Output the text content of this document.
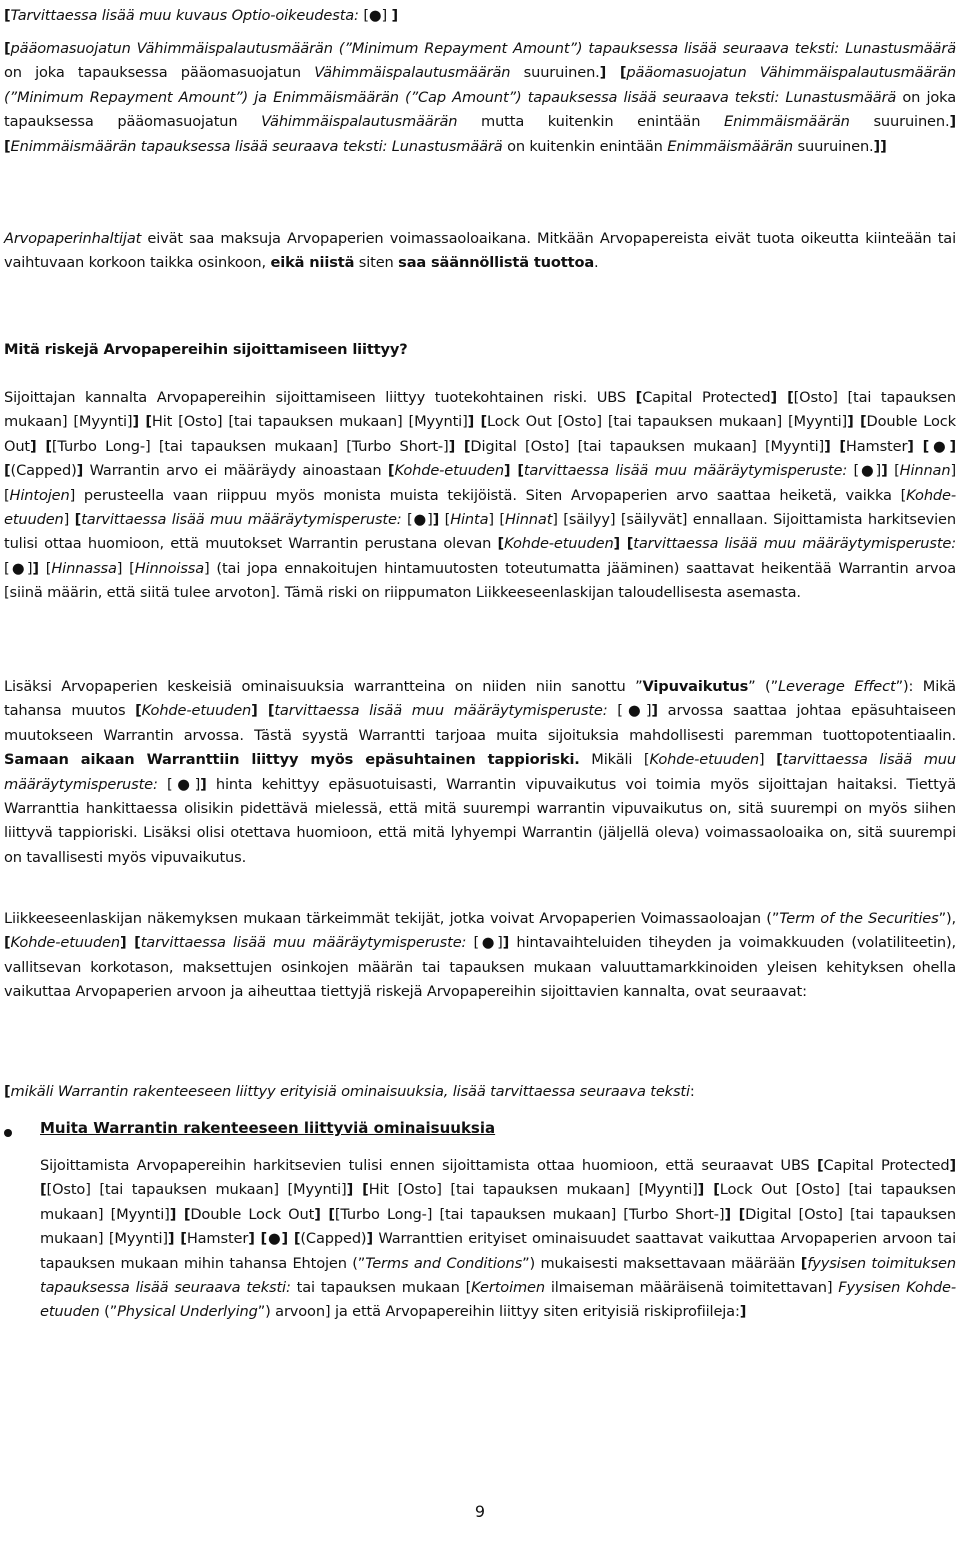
[Tarvittaessa lisää muu kuvaus Optio-oikeudesta: [●] ]

[pääomasuojatun Vähimmäispalautusmäärän (”Minimum Repayment Amount”) tapauksessa lisää seuraava teksti: Lunastusmäärä on joka tapauksessa pääomasuojatun Vähimmäispalautusmäärän suuruinen.] [pääomasuojatun Vähimmäispalautusmäärän (”Minimum Repayment Amount”) ja Enimmäismäärän (”Cap Amount”) tapauksessa lisää seuraava teksti: Lunastusmäärä on joka tapauksessa pääomasuojatun Vähimmäispalautusmäärän mutta kuitenkin enintään Enimmäismäärän suuruinen.] [Enimmäismäärän tapauksessa lisää seuraava teksti: Lunastusmäärä on kuitenkin enintään Enimmäismäärän suuruinen.]]

Arvopaperinhaltijat eivät saa maksuja Arvopaperien voimassaoloaikana. Mitkään Arvopapereista eivät tuota oikeutta kiinteään tai vaihtuvaan korkoon taikka osinkoon, eikä niistä siten saa säännöllistä tuottoa.

Mitä riskejä Arvopapereihin sijoittamiseen liittyy?

Sijoittajan kannalta Arvopapereihin sijoittamiseen liittyy tuotekohtainen riski. UBS [Capital Protected] [[Osto] [tai tapauksen mukaan] [Myynti]] [Hit [Osto] [tai tapauksen mukaan] [Myynti]] [Lock Out [Osto] [tai tapauksen mukaan] [Myynti]] [Double Lock Out] [[Turbo Long-] [tai tapauksen mukaan] [Turbo Short-]] [Digital [Osto] [tai tapauksen mukaan] [Myynti]] [Hamster] [●] [(Capped)] Warrantin arvo ei määräydy ainoastaan [Kohde-etuuden] [tarvittaessa lisää muu määräytymisperuste: [●]] [Hinnan] [Hintojen] perusteella vaan riippuu myös monista muista tekijöistä. Siten Arvopaperien arvo saattaa heiketä, vaikka [Kohde-etuuden] [tarvittaessa lisää muu määräytymisperuste: [●]] [Hinta] [Hinnat] [säilyy] [säilyvät] ennallaan. Sijoittamista harkitsevien tulisi ottaa huomioon, että muutokset Warrantin perustana olevan [Kohde-etuuden] [tarvittaessa lisää muu määräytymisperuste: [●]] [Hinnassa] [Hinnoissa] (tai jopa ennakoitujen hintamuutosten toteutumatta jääminen) saattavat heikentää Warrantin arvoa [siinä määrin, että siitä tulee arvoton]. Tämä riski on riippumaton Liikkeeseenlaskijan taloudellisesta asemasta.

Lisäksi Arvopaperien keskeisiä ominaisuuksia warrantteina on niiden niin sanottu ”Vipuvaikutus” (”Leverage Effect”): Mikä tahansa muutos [Kohde-etuuden] [tarvittaessa lisää muu määräytymisperuste: [●]] arvossa saattaa johtaa epäsuhtaiseen muutokseen Warrantin arvossa. Tästä syystä Warrantti tarjoaa muita sijoituksia mahdollisesti paremman tuottopotentiaalin. Samaan aikaan Warranttiin liittyy myös epäsuhtainen tappioriski. Mikäli [Kohde-etuuden] [tarvittaessa lisää muu määräytymisperuste: [●]] hinta kehittyy epäsuotuisasti, Warrantin vipuvaikutus voi toimia myös sijoittajan haitaksi. Tiettyä Warranttia hankittaessa olisikin pidettävä mielessä, että mitä suurempi warrantin vipuvaikutus on, sitä suurempi on myös siihen liittyvä tappioriski. Lisäksi olisi otettava huomioon, että mitä lyhyempi Warrantin (jäljellä oleva) voimassaoloaika on, sitä suurempi on tavallisesti myös vipuvaikutus.

Liikkeeseenlaskijan näkemyksen mukaan tärkeimmät tekijät, jotka voivat Arvopaperien Voimassaoloajan (”Term of the Securities”), [Kohde-etuuden] [tarvittaessa lisää muu määräytymisperuste: [●]] hintavaihteluiden tiheyden ja voimakkuuden (volatiliteetin), vallitsevan korkotason, maksettujen osinkojen määrän tai tapauksen mukaan valuuttamarkkinoiden yleisen kehityksen ohella vaikuttaa Arvopaperien arvoon ja aiheuttaa tiettyjä riskejä Arvopapereihin sijoittavien kannalta, ovat seuraavat:

[mikäli Warrantin rakenteeseen liittyy erityisiä ominaisuuksia, lisää tarvittaessa seuraava teksti:

Muita Warrantin rakenteeseen liittyviä ominaisuuksia

Sijoittamista Arvopapereihin harkitsevien tulisi ennen sijoittamista ottaa huomioon, että seuraavat UBS [Capital Protected] [[Osto] [tai tapauksen mukaan] [Myynti]] [Hit [Osto] [tai tapauksen mukaan] [Myynti]] [Lock Out [Osto] [tai tapauksen mukaan] [Myynti]] [Double Lock Out] [[Turbo Long-] [tai tapauksen mukaan] [Turbo Short-]] [Digital [Osto] [tai tapauksen mukaan] [Myynti]] [Hamster] [●] [(Capped)] Warranttien erityiset ominaisuudet saattavat vaikuttaa Arvopaperien arvoon tai tapauksen mukaan mihin tahansa Ehtojen (”Terms and Conditions”) mukaisesti maksettavaan määrään [fyysisen toimituksen tapauksessa lisää seuraava teksti: tai tapauksen mukaan [Kertoimen ilmaiseman määräisenä toimitettavan] Fyysisen Kohde-etuuden (”Physical Underlying”) arvoon] ja että Arvopapereihin liittyy siten erityisiä riskiprofiileja:]

9
